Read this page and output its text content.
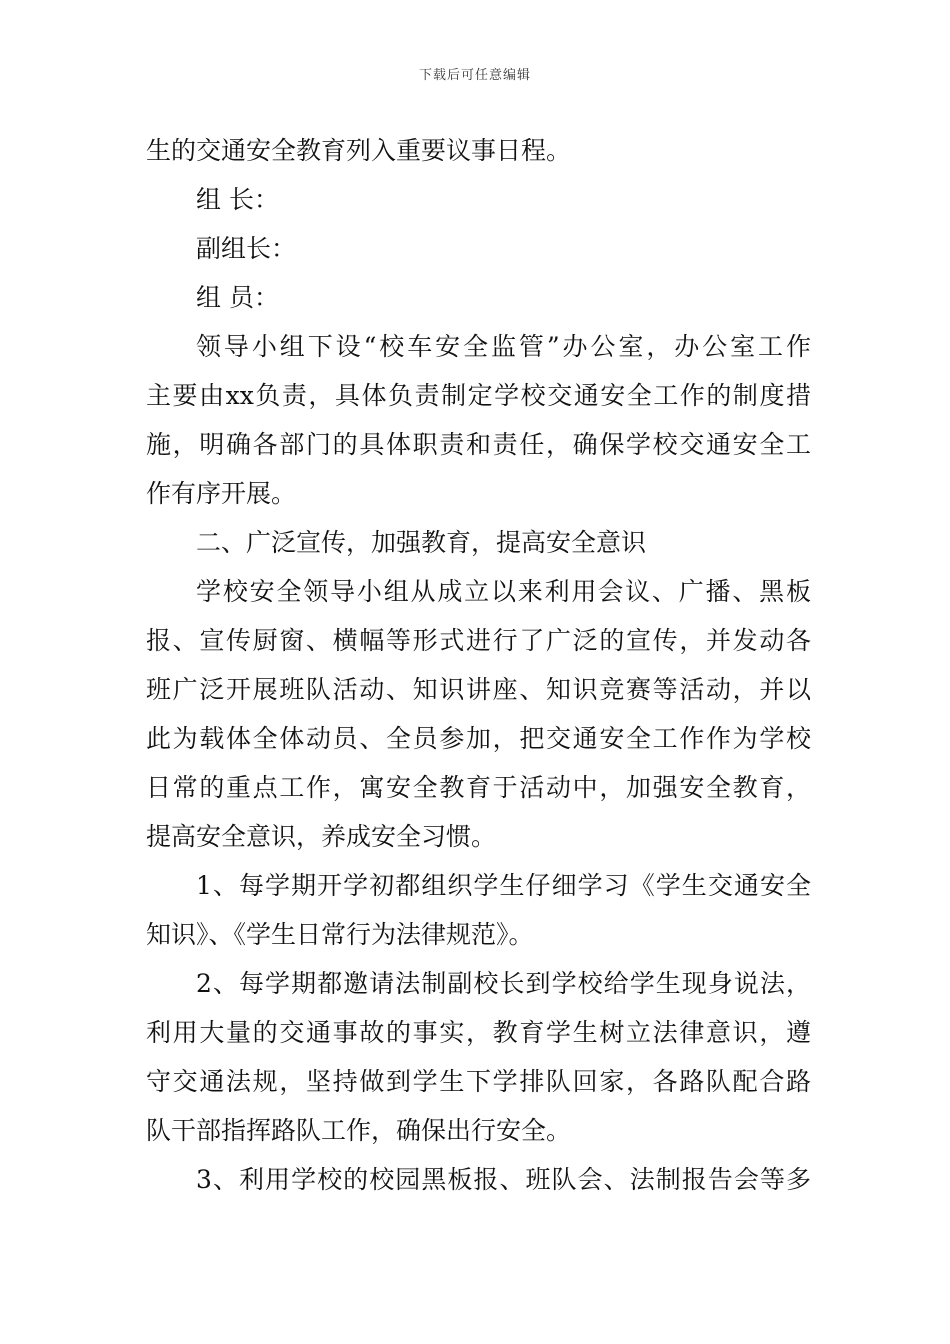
下载后可任意编辑
生的交通安全教育列入重要议事日程。
组 长：
副组长：
组 员：
领导小组下设“校车安全监管”办公室，办公室工作
主要由xx负责，具体负责制定学校交通安全工作的制度措
施，明确各部门的具体职责和责任，确保学校交通安全工
作有序开展。
二、广泛宣传，加强教育，提高安全意识
学校安全领导小组从成立以来利用会议、广播、黑板
报、宣传厨窗、横幅等形式进行了广泛的宣传，并发动各
班广泛开展班队活动、知识讲座、知识竞赛等活动，并以
此为载体全体动员、全员参加，把交通安全工作作为学校
日常的重点工作，寓安全教育于活动中，加强安全教育，
提高安全意识，养成安全习惯。
1、每学期开学初都组织学生仔细学习《学生交通安全
知识》、《学生日常行为法律规范》。
2、每学期都邀请法制副校长到学校给学生现身说法，
利用大量的交通事故的事实，教育学生树立法律意识，遵
守交通法规，坚持做到学生下学排队回家，各路队配合路
队干部指挥路队工作，确保出行安全。
3、利用学校的校园黑板报、班队会、法制报告会等多
